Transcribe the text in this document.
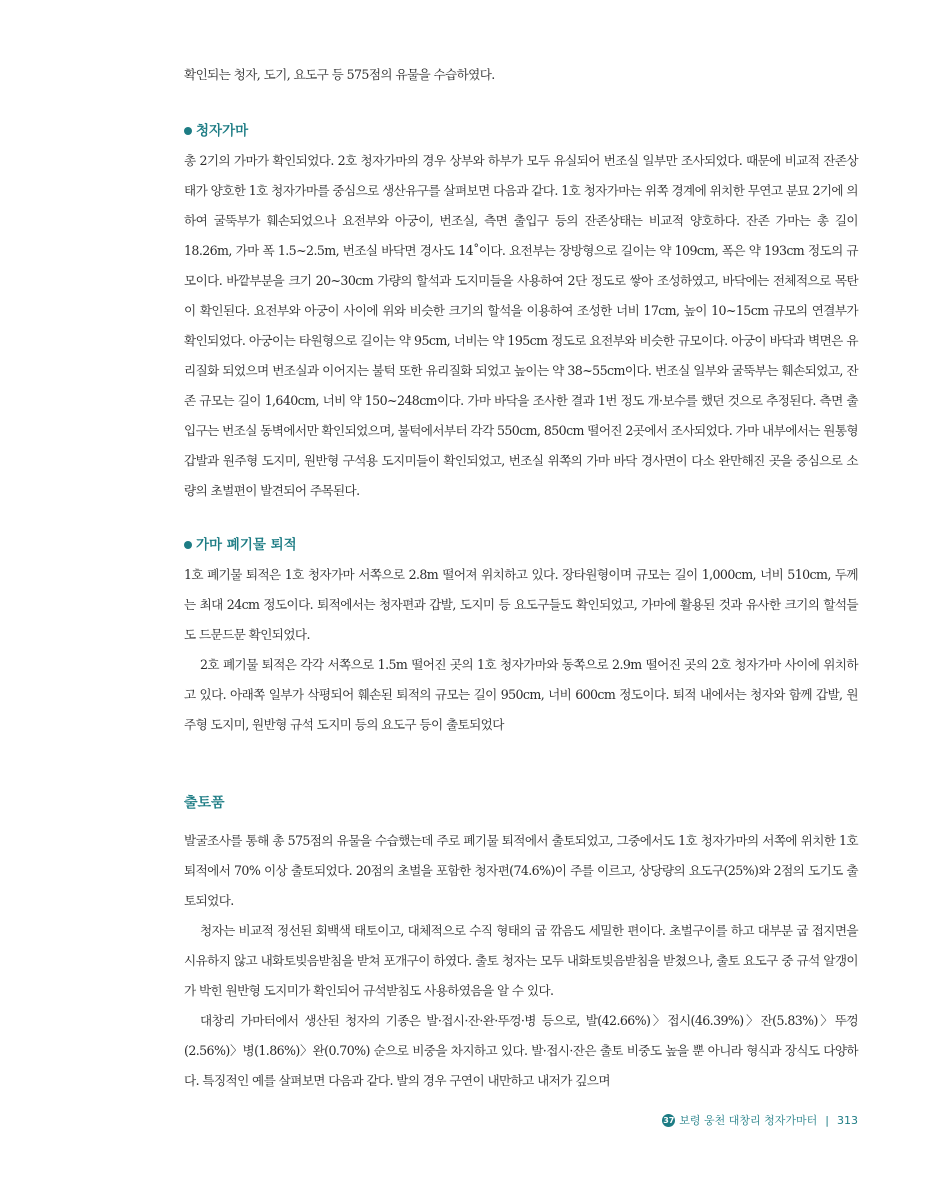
확인되는 청자, 도기, 요도구 등 575점의 유물을 수습하였다.

청자가마

총 2기의 가마가 확인되었다. 2호 청자가마의 경우 상부와 하부가 모두 유실되어 번조실 일부만 조사되었다. 때문에 비교적 잔존상태가 양호한 1호 청자가마를 중심으로 생산유구를 살펴보면 다음과 같다. 1호 청자가마는 위쪽 경계에 위치한 무연고 분묘 2기에 의하여 굴뚝부가 훼손되었으나 요전부와 아궁이, 번조실, 측면 출입구 등의 잔존상태는 비교적 양호하다. 잔존 가마는 총 길이 18.26m, 가마 폭 1.5~2.5m, 번조실 바닥면 경사도 14˚이다. 요전부는 장방형으로 길이는 약 109cm, 폭은 약 193cm 정도의 규모이다. 바깥부분을 크기 20~30cm 가량의 할석과 도지미들을 사용하여 2단 정도로 쌓아 조성하였고, 바닥에는 전체적으로 목탄이 확인된다. 요전부와 아궁이 사이에 위와 비슷한 크기의 할석을 이용하여 조성한 너비 17cm, 높이 10~15cm 규모의 연결부가 확인되었다. 아궁이는 타원형으로 길이는 약 95cm, 너비는 약 195cm 정도로 요전부와 비슷한 규모이다. 아궁이 바닥과 벽면은 유리질화 되었으며 번조실과 이어지는 불턱 또한 유리질화 되었고 높이는 약 38~55cm이다. 번조실 일부와 굴뚝부는 훼손되었고, 잔존 규모는 길이 1,640cm, 너비 약 150~248cm이다. 가마 바닥을 조사한 결과 1번 정도 개·보수를 했던 것으로 추정된다. 측면 출입구는 번조실 동벽에서만 확인되었으며, 불턱에서부터 각각 550cm, 850cm 떨어진 2곳에서 조사되었다. 가마 내부에서는 원통형 갑발과 원주형 도지미, 원반형 구석용 도지미들이 확인되었고, 번조실 위쪽의 가마 바닥 경사면이 다소 완만해진 곳을 중심으로 소량의 초벌편이 발견되어 주목된다.

가마 폐기물 퇴적

1호 폐기물 퇴적은 1호 청자가마 서쪽으로 2.8m 떨어져 위치하고 있다. 장타원형이며 규모는 길이 1,000cm, 너비 510cm, 두께는 최대 24cm 정도이다. 퇴적에서는 청자편과 갑발, 도지미 등 요도구들도 확인되었고, 가마에 활용된 것과 유사한 크기의 할석들도 드문드문 확인되었다.

2호 폐기물 퇴적은 각각 서쪽으로 1.5m 떨어진 곳의 1호 청자가마와 동쪽으로 2.9m 떨어진 곳의 2호 청자가마 사이에 위치하고 있다. 아래쪽 일부가 삭평되어 훼손된 퇴적의 규모는 길이 950cm, 너비 600cm 정도이다. 퇴적 내에서는 청자와 함께 갑발, 원주형 도지미, 원반형 규석 도지미 등의 요도구 등이 출토되었다

출토품

발굴조사를 통해 총 575점의 유물을 수습했는데 주로 폐기물 퇴적에서 출토되었고, 그중에서도 1호 청자가마의 서쪽에 위치한 1호 퇴적에서 70% 이상 출토되었다. 20점의 초벌을 포함한 청자편(74.6%)이 주를 이르고, 상당량의 요도구(25%)와 2점의 도기도 출토되었다.

청자는 비교적 정선된 회백색 태토이고, 대체적으로 수직 형태의 굽 깎음도 세밀한 편이다. 초벌구이를 하고 대부분 굽 접지면을 시유하지 않고 내화토빚음받침을 받쳐 포개구이 하였다. 출토 청자는 모두 내화토빚음받침을 받쳤으나, 출토 요도구 중 규석 알갱이가 박힌 원반형 도지미가 확인되어 규석받침도 사용하였음을 알 수 있다.

대창리 가마터에서 생산된 청자의 기종은 발·접시·잔·완·뚜껑·병 등으로, 발(42.66%)〉접시(46.39%)〉잔(5.83%)〉뚜껑(2.56%)〉병(1.86%)〉완(0.70%) 순으로 비중을 차지하고 있다. 발·접시·잔은 출토 비중도 높을 뿐 아니라 형식과 장식도 다양하다. 특징적인 예를 살펴보면 다음과 같다. 발의 경우 구연이 내만하고 내저가 깊으며

37 보령 웅천 대창리 청자가마터 | 313
